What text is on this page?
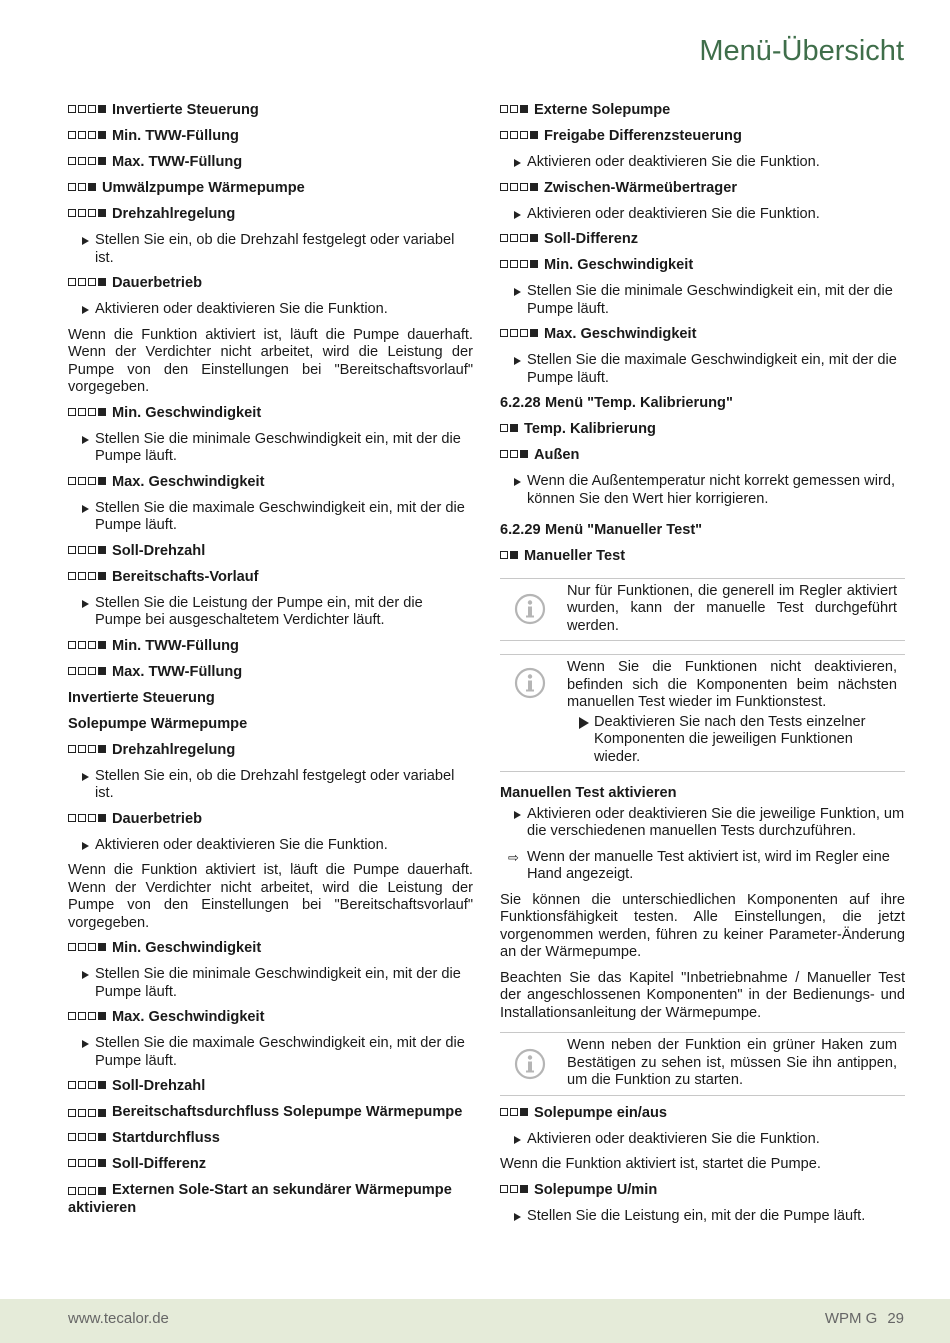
Menü-Übersicht
Invertierte Steuerung
Min. TWW-Füllung
Max. TWW-Füllung
Umwälzpumpe Wärmepumpe
Drehzahlregelung
Stellen Sie ein, ob die Drehzahl festgelegt oder variabel ist.
Dauerbetrieb
Aktivieren oder deaktivieren Sie die Funktion.
Wenn die Funktion aktiviert ist, läuft die Pumpe dauerhaft. Wenn der Verdichter nicht arbeitet, wird die Leistung der Pumpe von den Einstellungen bei "Bereitschaftsvorlauf" vorgegeben.
Min. Geschwindigkeit
Stellen Sie die minimale Geschwindigkeit ein, mit der die Pumpe läuft.
Max. Geschwindigkeit
Stellen Sie die maximale Geschwindigkeit ein, mit der die Pumpe läuft.
Soll-Drehzahl
Bereitschafts-Vorlauf
Stellen Sie die Leistung der Pumpe ein, mit der die Pumpe bei ausgeschaltetem Verdichter läuft.
Min. TWW-Füllung
Max. TWW-Füllung
Invertierte Steuerung
Solepumpe Wärmepumpe
Drehzahlregelung
Stellen Sie ein, ob die Drehzahl festgelegt oder variabel ist.
Dauerbetrieb
Aktivieren oder deaktivieren Sie die Funktion.
Wenn die Funktion aktiviert ist, läuft die Pumpe dauerhaft. Wenn der Verdichter nicht arbeitet, wird die Leistung der Pumpe von den Einstellungen bei "Bereitschaftsvorlauf" vorgegeben.
Min. Geschwindigkeit
Stellen Sie die minimale Geschwindigkeit ein, mit der die Pumpe läuft.
Max. Geschwindigkeit
Stellen Sie die maximale Geschwindigkeit ein, mit der die Pumpe läuft.
Soll-Drehzahl
Bereitschaftsdurchfluss Solepumpe Wärmepumpe
Startdurchfluss
Soll-Differenz
Externen Sole-Start an sekundärer Wärmepumpe aktivieren
Externe Solepumpe
Freigabe Differenzsteuerung
Aktivieren oder deaktivieren Sie die Funktion.
Zwischen-Wärmeübertrager
Aktivieren oder deaktivieren Sie die Funktion.
Soll-Differenz
Min. Geschwindigkeit
Stellen Sie die minimale Geschwindigkeit ein, mit der die Pumpe läuft.
Max. Geschwindigkeit
Stellen Sie die maximale Geschwindigkeit ein, mit der die Pumpe läuft.
6.2.28 Menü "Temp. Kalibrierung"
Temp. Kalibrierung
Außen
Wenn die Außentemperatur nicht korrekt gemessen wird, können Sie den Wert hier korrigieren.
6.2.29 Menü "Manueller Test"
Manueller Test
Nur für Funktionen, die generell im Regler aktiviert wurden, kann der manuelle Test durchgeführt werden.
Wenn Sie die Funktionen nicht deaktivieren, befinden sich die Komponenten beim nächsten manuellen Test wieder im Funktionstest.
Deaktivieren Sie nach den Tests einzelner Komponenten die jeweiligen Funktionen wieder.
Manuellen Test aktivieren
Aktivieren oder deaktivieren Sie die jeweilige Funktion, um die verschiedenen manuellen Tests durchzuführen.
⇨ Wenn der manuelle Test aktiviert ist, wird im Regler eine Hand angezeigt.
Sie können die unterschiedlichen Komponenten auf ihre Funktionsfähigkeit testen. Alle Einstellungen, die jetzt vorgenommen werden, führen zu keiner Parameter-Änderung an der Wärmepumpe.
Beachten Sie das Kapitel "Inbetriebnahme / Manueller Test der angeschlossenen Komponenten" in der Bedienungs- und Installationsanleitung der Wärmepumpe.
Wenn neben der Funktion ein grüner Haken zum Bestätigen zu sehen ist, müssen Sie ihn antippen, um die Funktion zu starten.
Solepumpe ein/aus
Aktivieren oder deaktivieren Sie die Funktion.
Wenn die Funktion aktiviert ist, startet die Pumpe.
Solepumpe U/min
Stellen Sie die Leistung ein, mit der die Pumpe läuft.
www.tecalor.de	WPM G 29
